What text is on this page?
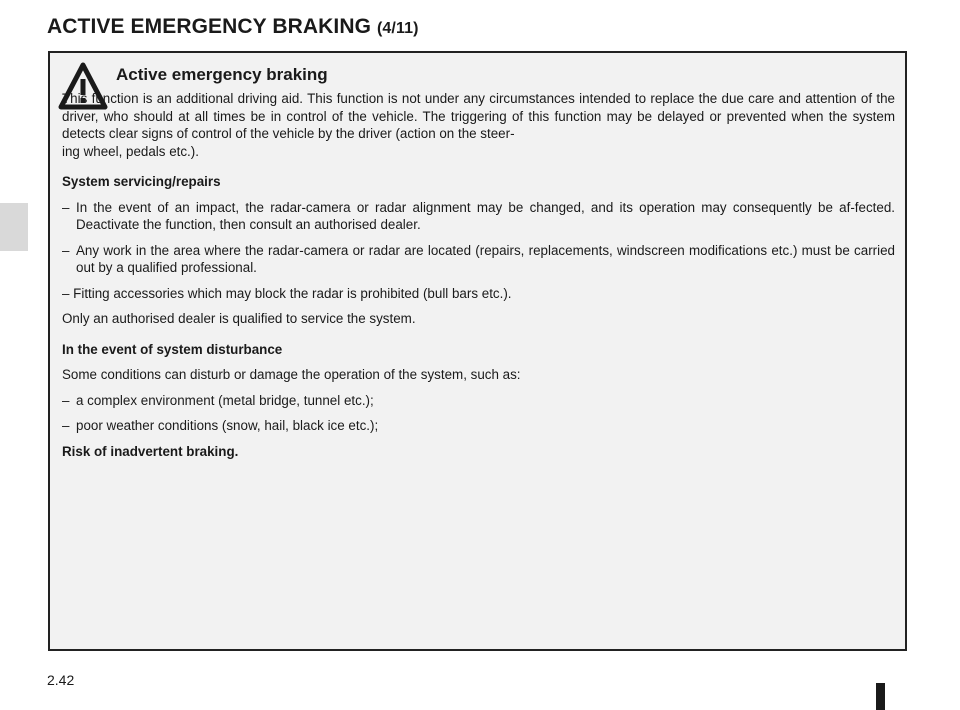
ACTIVE EMERGENCY BRAKING (4/11)
Active emergency braking

This function is an additional driving aid. This function is not under any circumstances intended to replace the due care and attention of the driver, who should at all times be in control of the vehicle. The triggering of this function may be delayed or prevented when the system detects clear signs of control of the vehicle by the driver (action on the steer-

ing wheel, pedals etc.).

System servicing/repairs

– In the event of an impact, the radar-camera or radar alignment may be changed, and its operation may consequently be af-fected. Deactivate the function, then consult an authorised dealer.
– Any work in the area where the radar-camera or radar are located (repairs, replacements, windscreen modifications etc.) must be carried out by a qualified professional.

– Fitting accessories which may block the radar is prohibited (bull bars etc.).

Only an authorised dealer is qualified to service the system.

In the event of system disturbance

Some conditions can disturb or damage the operation of the system, such as:

– a complex environment (metal bridge, tunnel etc.);
– poor weather conditions (snow, hail, black ice etc.);

Risk of inadvertent braking.

2.42
